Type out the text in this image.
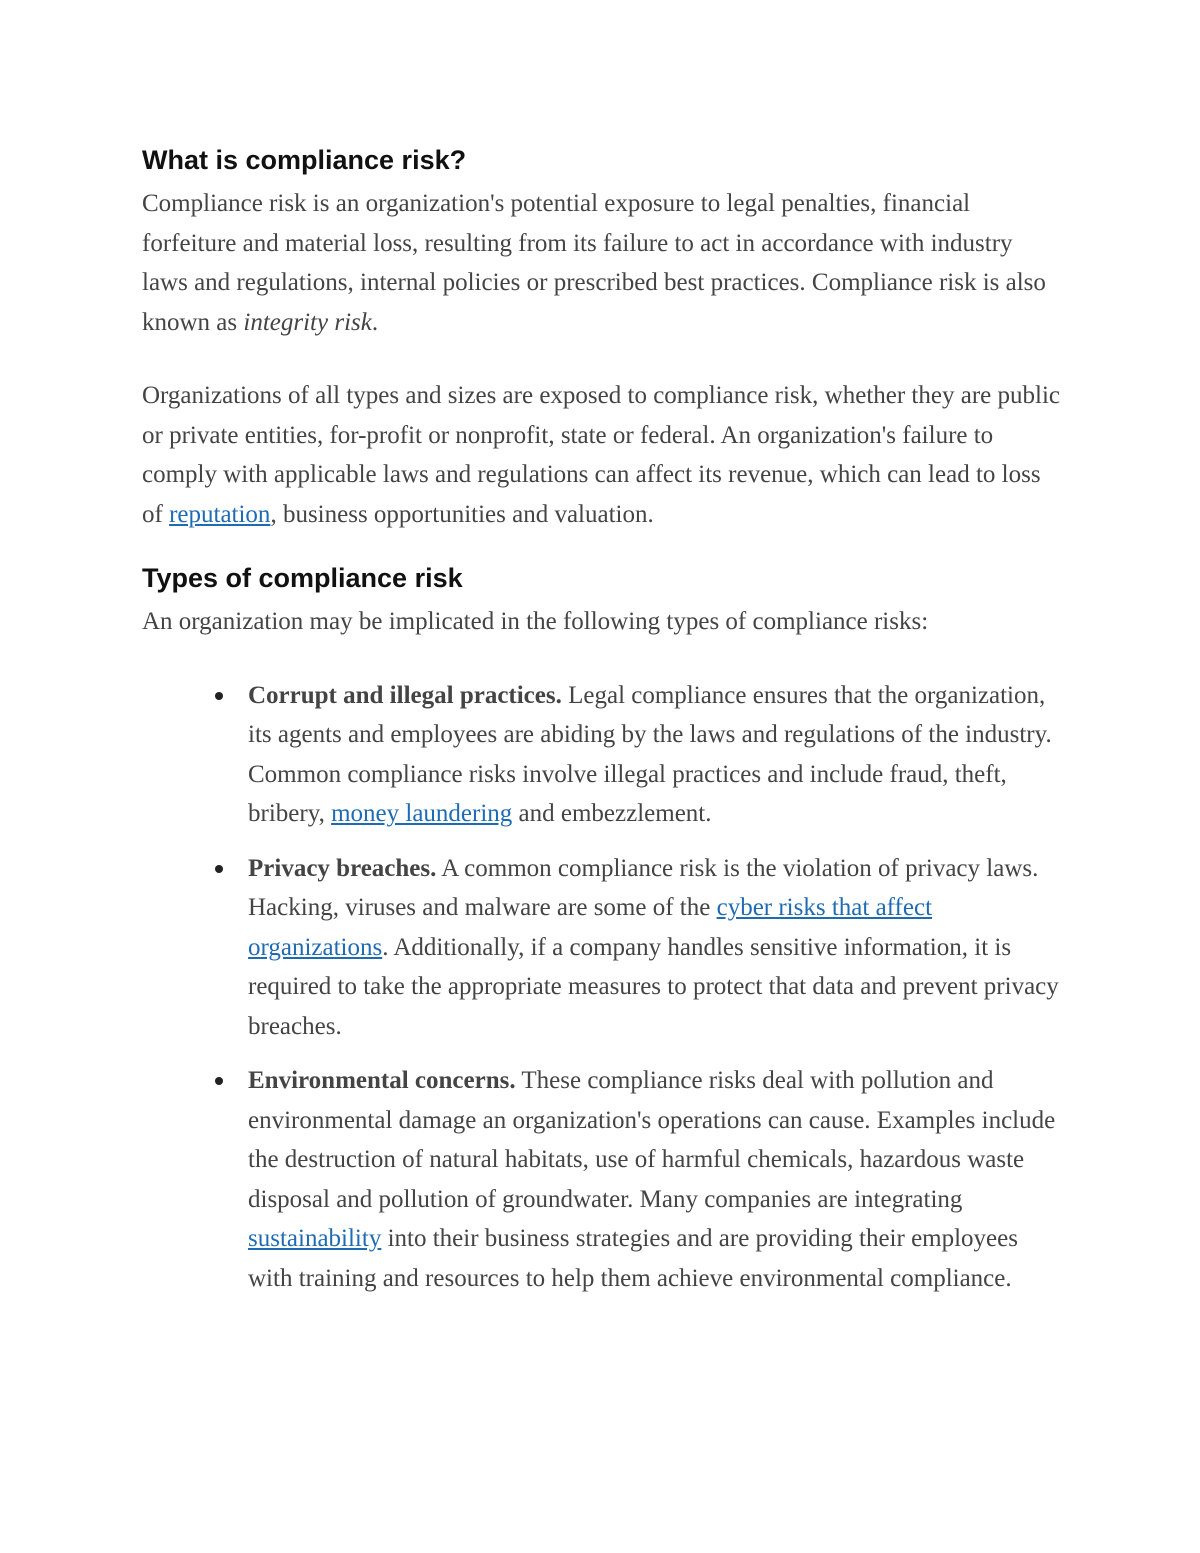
What is compliance risk?

Compliance risk is an organization's potential exposure to legal penalties, financial forfeiture and material loss, resulting from its failure to act in accordance with industry laws and regulations, internal policies or prescribed best practices. Compliance risk is also known as integrity risk.

Organizations of all types and sizes are exposed to compliance risk, whether they are public or private entities, for-profit or nonprofit, state or federal. An organization's failure to comply with applicable laws and regulations can affect its revenue, which can lead to loss of reputation, business opportunities and valuation.

Types of compliance risk

An organization may be implicated in the following types of compliance risks:

Corrupt and illegal practices. Legal compliance ensures that the organization, its agents and employees are abiding by the laws and regulations of the industry. Common compliance risks involve illegal practices and include fraud, theft, bribery, money laundering and embezzlement.
Privacy breaches. A common compliance risk is the violation of privacy laws. Hacking, viruses and malware are some of the cyber risks that affect organizations. Additionally, if a company handles sensitive information, it is required to take the appropriate measures to protect that data and prevent privacy breaches.
Environmental concerns. These compliance risks deal with pollution and environmental damage an organization's operations can cause. Examples include the destruction of natural habitats, use of harmful chemicals, hazardous waste disposal and pollution of groundwater. Many companies are integrating sustainability into their business strategies and are providing their employees with training and resources to help them achieve environmental compliance.
